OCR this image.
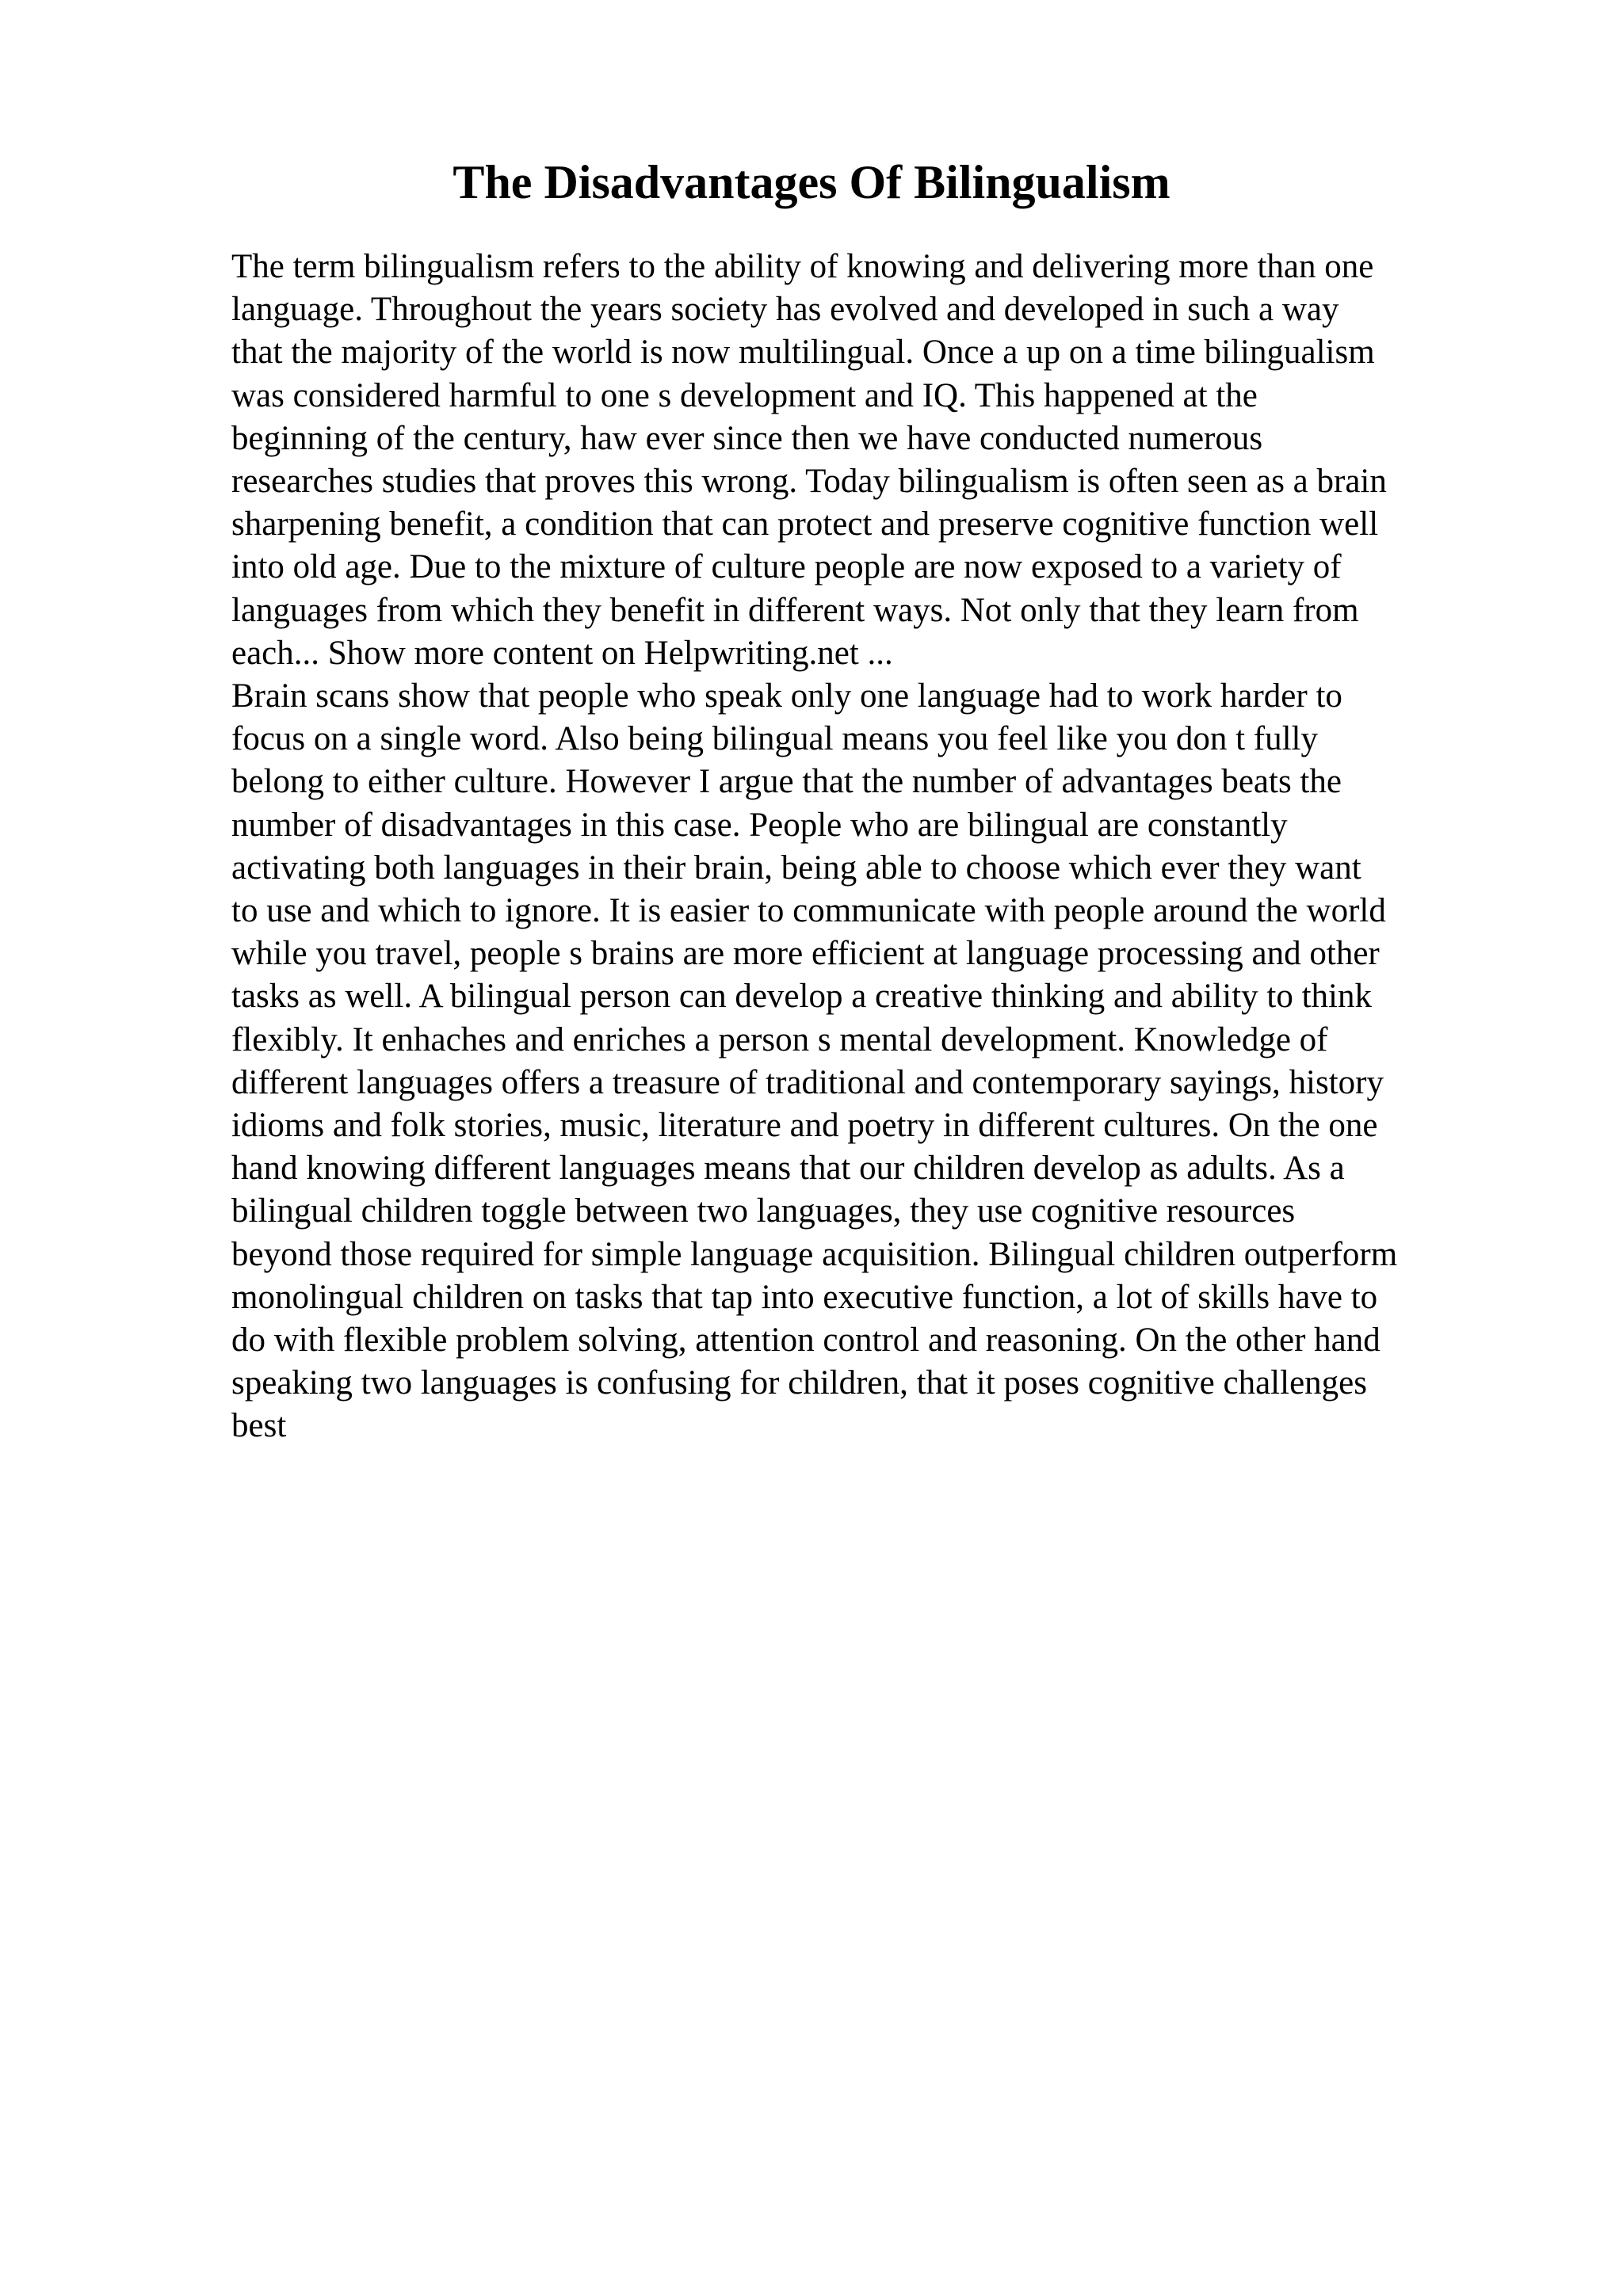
The Disadvantages Of Bilingualism
The term bilingualism refers to the ability of knowing and delivering more than one
language. Throughout the years society has evolved and developed in such a way
that the majority of the world is now multilingual. Once a up on a time bilingualism
was considered harmful to one s development and IQ. This happened at the
beginning of the century, haw ever since then we have conducted numerous
researches studies that proves this wrong. Today bilingualism is often seen as a brain
sharpening benefit, a condition that can protect and preserve cognitive function well
into old age. Due to the mixture of culture people are now exposed to a variety of
languages from which they benefit in different ways. Not only that they learn from
each... Show more content on Helpwriting.net ...
Brain scans show that people who speak only one language had to work harder to
focus on a single word. Also being bilingual means you feel like you don t fully
belong to either culture. However I argue that the number of advantages beats the
number of disadvantages in this case. People who are bilingual are constantly
activating both languages in their brain, being able to choose which ever they want
to use and which to ignore. It is easier to communicate with people around the world
while you travel, people s brains are more efficient at language processing and other
tasks as well. A bilingual person can develop a creative thinking and ability to think
flexibly. It enhaches and enriches a person s mental development. Knowledge of
different languages offers a treasure of traditional and contemporary sayings, history
idioms and folk stories, music, literature and poetry in different cultures. On the one
hand knowing different languages means that our children develop as adults. As a
bilingual children toggle between two languages, they use cognitive resources
beyond those required for simple language acquisition. Bilingual children outperform
monolingual children on tasks that tap into executive function, a lot of skills have to
do with flexible problem solving, attention control and reasoning. On the other hand
speaking two languages is confusing for children, that it poses cognitive challenges
best
